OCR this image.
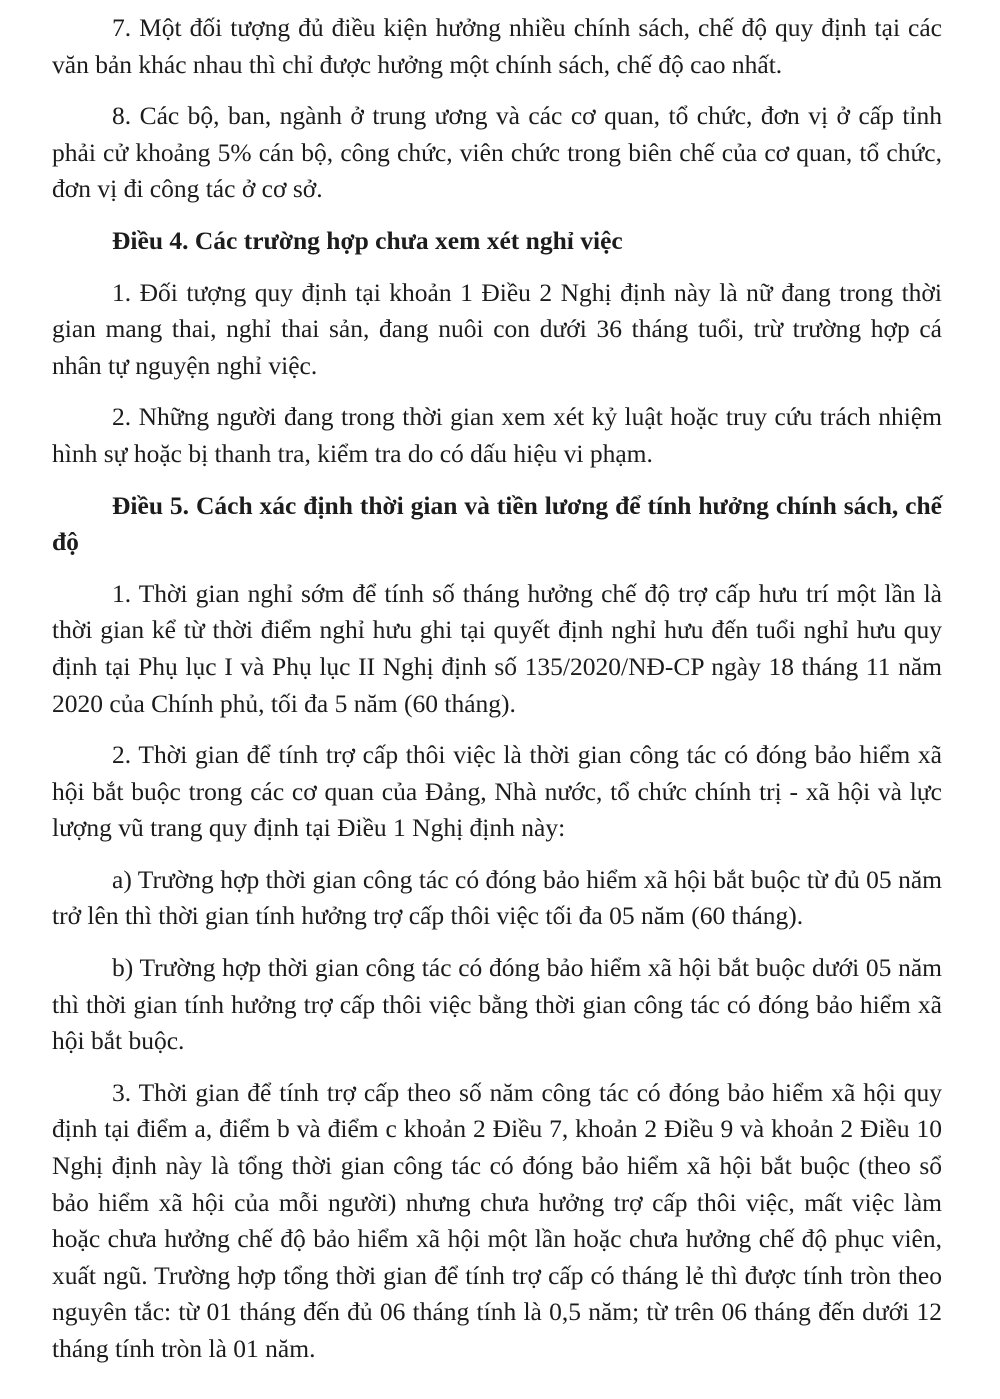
7. Một đối tượng đủ điều kiện hưởng nhiều chính sách, chế độ quy định tại các văn bản khác nhau thì chỉ được hưởng một chính sách, chế độ cao nhất.

8. Các bộ, ban, ngành ở trung ương và các cơ quan, tổ chức, đơn vị ở cấp tỉnh phải cử khoảng 5% cán bộ, công chức, viên chức trong biên chế của cơ quan, tổ chức, đơn vị đi công tác ở cơ sở.

Điều 4. Các trường hợp chưa xem xét nghỉ việc

1. Đối tượng quy định tại khoản 1 Điều 2 Nghị định này là nữ đang trong thời gian mang thai, nghỉ thai sản, đang nuôi con dưới 36 tháng tuổi, trừ trường hợp cá nhân tự nguyện nghỉ việc.

2. Những người đang trong thời gian xem xét kỷ luật hoặc truy cứu trách nhiệm hình sự hoặc bị thanh tra, kiểm tra do có dấu hiệu vi phạm.

Điều 5. Cách xác định thời gian và tiền lương để tính hưởng chính sách, chế độ

1. Thời gian nghỉ sớm để tính số tháng hưởng chế độ trợ cấp hưu trí một lần là thời gian kể từ thời điểm nghỉ hưu ghi tại quyết định nghỉ hưu đến tuổi nghỉ hưu quy định tại Phụ lục I và Phụ lục II Nghị định số 135/2020/NĐ-CP ngày 18 tháng 11 năm 2020 của Chính phủ, tối đa 5 năm (60 tháng).

2. Thời gian để tính trợ cấp thôi việc là thời gian công tác có đóng bảo hiểm xã hội bắt buộc trong các cơ quan của Đảng, Nhà nước, tổ chức chính trị - xã hội và lực lượng vũ trang quy định tại Điều 1 Nghị định này:

a) Trường hợp thời gian công tác có đóng bảo hiểm xã hội bắt buộc từ đủ 05 năm trở lên thì thời gian tính hưởng trợ cấp thôi việc tối đa 05 năm (60 tháng).

b) Trường hợp thời gian công tác có đóng bảo hiểm xã hội bắt buộc dưới 05 năm thì thời gian tính hưởng trợ cấp thôi việc bằng thời gian công tác có đóng bảo hiểm xã hội bắt buộc.

3. Thời gian để tính trợ cấp theo số năm công tác có đóng bảo hiểm xã hội quy định tại điểm a, điểm b và điểm c khoản 2 Điều 7, khoản 2 Điều 9 và khoản 2 Điều 10 Nghị định này là tổng thời gian công tác có đóng bảo hiểm xã hội bắt buộc (theo sổ bảo hiểm xã hội của mỗi người) nhưng chưa hưởng trợ cấp thôi việc, mất việc làm hoặc chưa hưởng chế độ bảo hiểm xã hội một lần hoặc chưa hưởng chế độ phục viên, xuất ngũ. Trường hợp tổng thời gian để tính trợ cấp có tháng lẻ thì được tính tròn theo nguyên tắc: từ 01 tháng đến đủ 06 tháng tính là 0,5 năm; từ trên 06 tháng đến dưới 12 tháng tính tròn là 01 năm.
